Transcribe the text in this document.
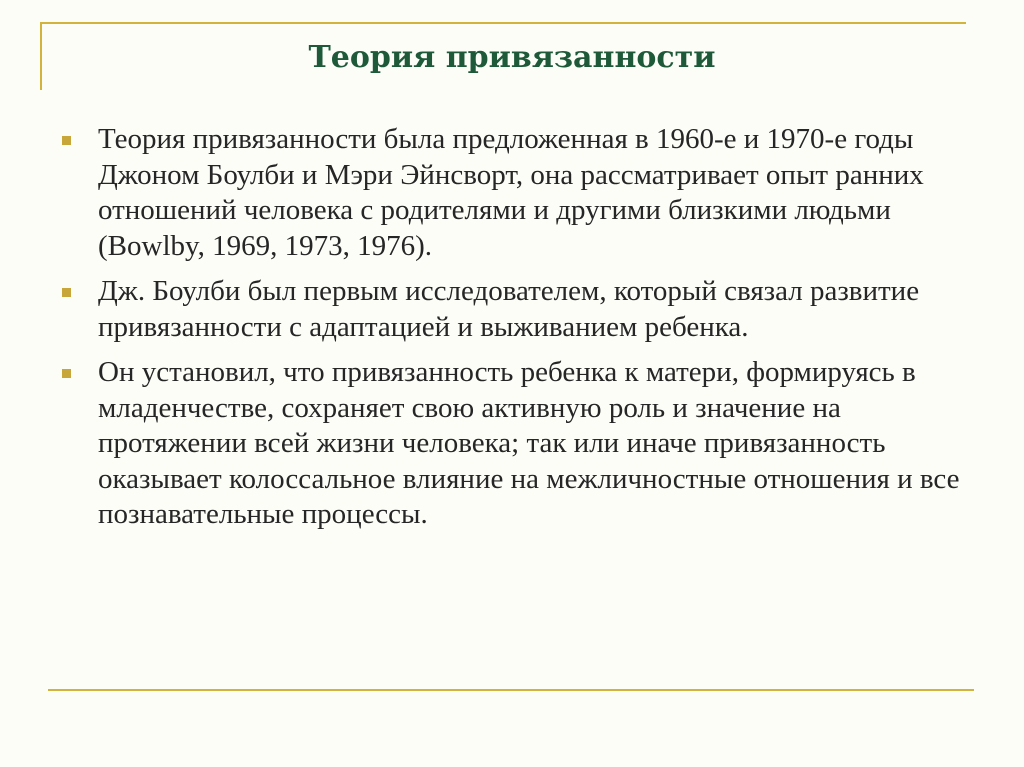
Теория привязанности
Теория привязанности была предложенная в 1960-е и 1970-е годы Джоном Боулби и Мэри Эйнсворт, она рассматривает опыт ранних отношений человека с родителями и другими близкими людьми (Bowlby, 1969, 1973, 1976).
Дж. Боулби был первым исследователем, который связал развитие привязанности с адаптацией и выживанием ребенка.
Он установил, что привязанность ребенка к матери, формируясь в младенчестве, сохраняет свою активную роль и значение на протяжении всей жизни человека; так или иначе привязанность оказывает колоссальное влияние на межличностные отношения и все познавательные процессы.
